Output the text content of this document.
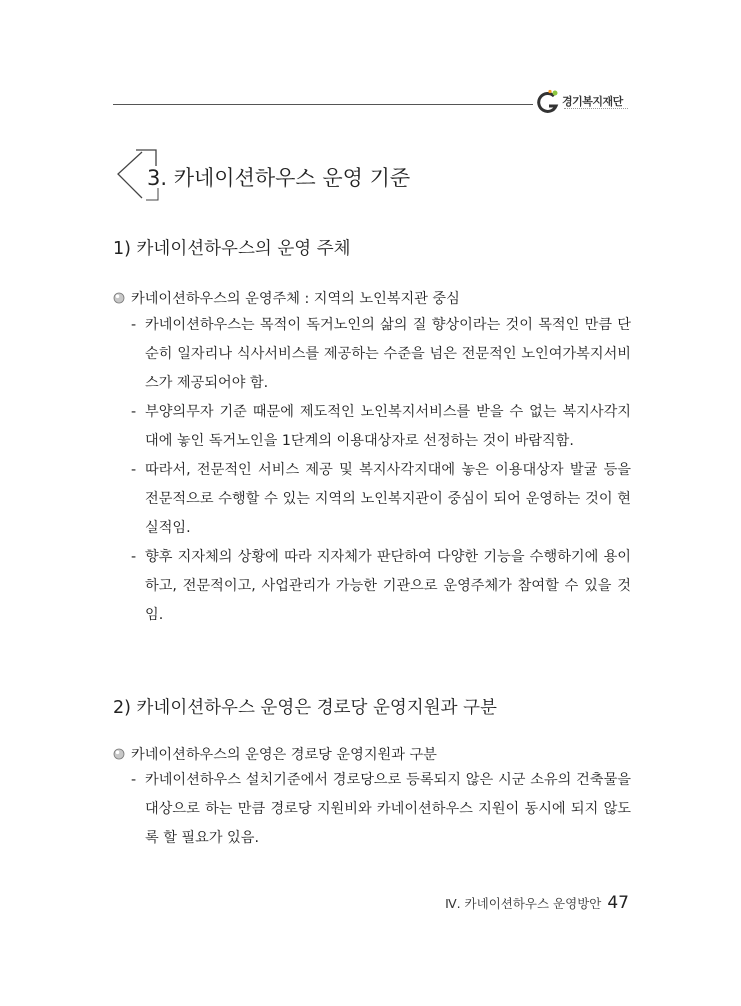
경기복지재단
3. 카네이션하우스 운영 기준
1) 카네이션하우스의 운영 주체
카네이션하우스의 운영주체 : 지역의 노인복지관 중심
- 카네이션하우스는 목적이 독거노인의 삶의 질 향상이라는 것이 목적인 만큼 단순히 일자리나 식사서비스를 제공하는 수준을 넘은 전문적인 노인여가복지서비스가 제공되어야 함.
- 부양의무자 기준 때문에 제도적인 노인복지서비스를 받을 수 없는 복지사각지대에 놓인 독거노인을 1단계의 이용대상자로 선정하는 것이 바람직함.
- 따라서, 전문적인 서비스 제공 및 복지사각지대에 놓은 이용대상자 발굴 등을 전문적으로 수행할 수 있는 지역의 노인복지관이 중심이 되어 운영하는 것이 현실적임.
- 향후 지자체의 상황에 따라 지자체가 판단하여 다양한 기능을 수행하기에 용이하고, 전문적이고, 사업관리가 가능한 기관으로 운영주체가 참여할 수 있을 것임.
2) 카네이션하우스 운영은 경로당 운영지원과 구분
카네이션하우스의 운영은 경로당 운영지원과 구분
- 카네이션하우스 설치기준에서 경로당으로 등록되지 않은 시군 소유의 건축물을 대상으로 하는 만큼 경로당 지원비와 카네이션하우스 지원이 동시에 되지 않도록 할 필요가 있음.
Ⅳ. 카네이션하우스 운영방안 47
